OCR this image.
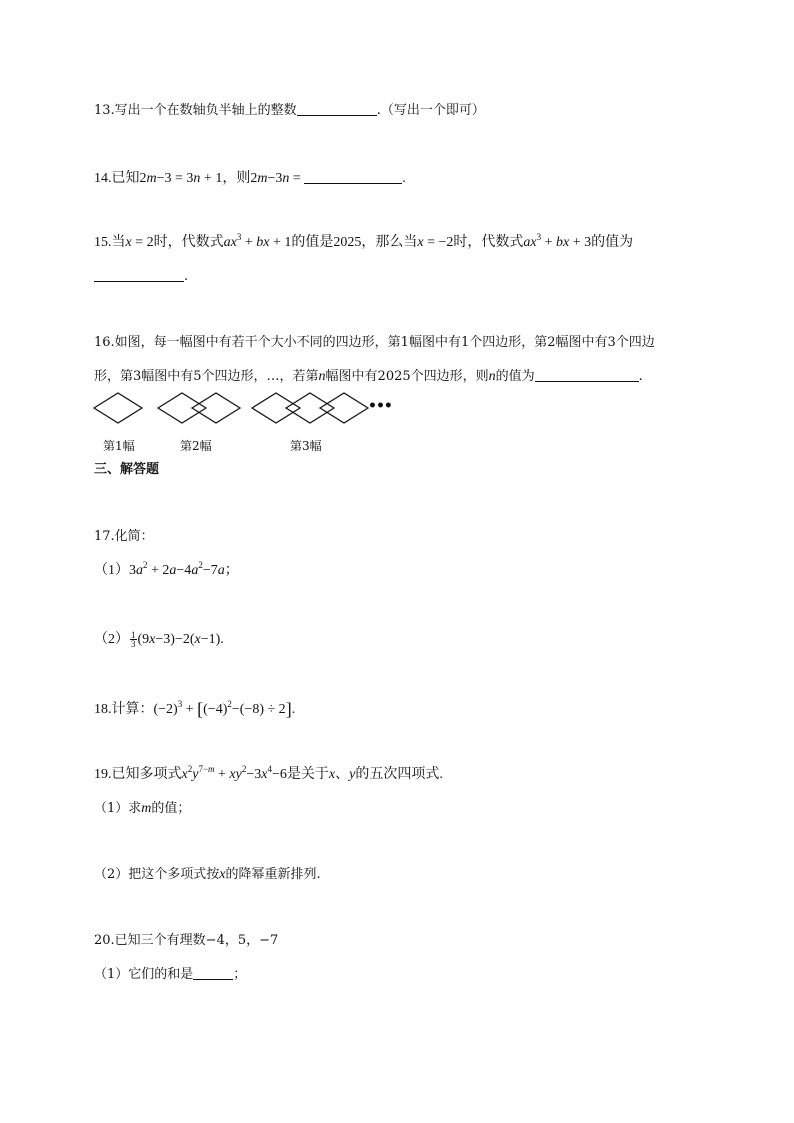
13.写出一个在数轴负半轴上的整数	.（写出一个即可）
14.已知2m−3 = 3n + 1，则2m−3n =	.
15.当x = 2时，代数式$ax^3$ + bx + 1的值是2025，那么当x = −2时，代数式$ax^3$ + bx + 3的值为
.
16.如图，每一幅图中有若干个大小不同的四边形，第1幅图中有1个四边形，第2幅图中有3个四边
形，第3幅图中有5个四边形，…，若第n幅图中有2025个四边形，则n的值为	.
•••
第1幅	第2幅	第3幅
三、解答题
17.化简：
$(1)3a^2 + 2a-4a^2-7a$；
$(2) \frac{1}{3} (9x-3)-2(x-1)$.
18.计算：$(-2)^3 + [(-4)^2-(-8) \div 2]$.
19.已知多项式$x^2y^{7-m} + xy^2-3x^4-6$是关于x、y的五次四项式.
（1）求m的值；
（2）把这个多项式按x的降幂重新排列.
20.已知三个有理数−4，5，−7
（1）它们的和是	；
